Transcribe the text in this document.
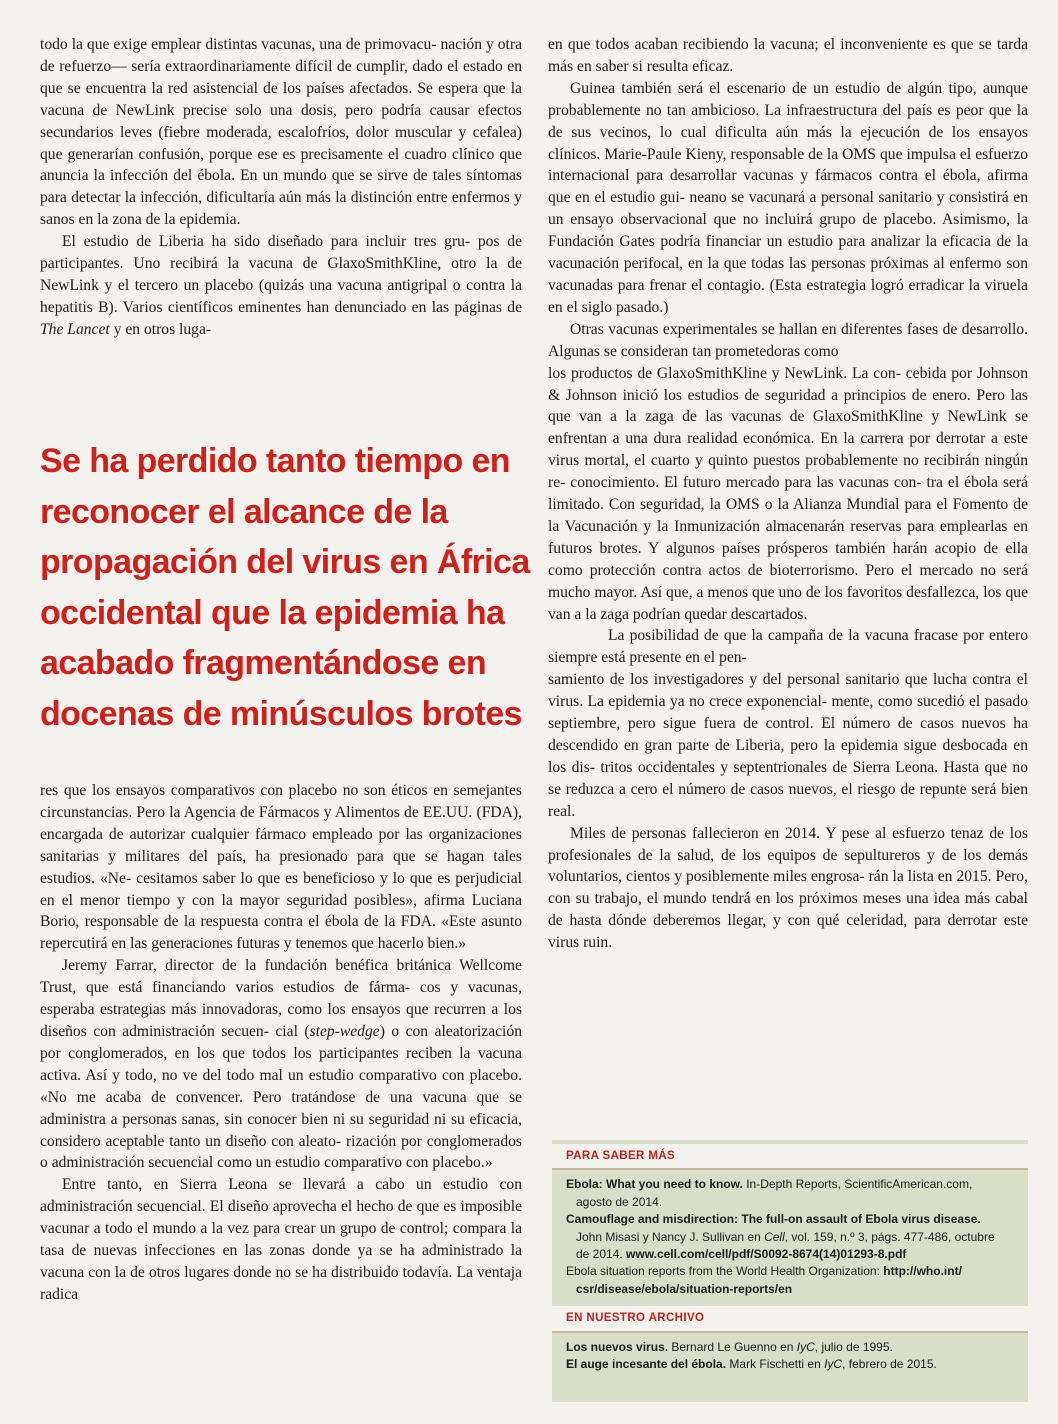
todo la que exige emplear distintas vacunas, una de primovacu- nación y otra de refuerzo— sería extraordinariamente difícil de cumplir, dado el estado en que se encuentra la red asistencial de los países afectados. Se espera que la vacuna de NewLink precise solo una dosis, pero podría causar efectos secundarios leves (fiebre moderada, escalofríos, dolor muscular y cefalea) que generarían confusión, porque ese es precisamente el cuadro clínico que anuncia la infección del ébola. En un mundo que se sirve de tales síntomas para detectar la infección, dificultaría aún más la distinción entre enfermos y sanos en la zona de la epidemia.

El estudio de Liberia ha sido diseñado para incluir tres gru- pos de participantes. Uno recibirá la vacuna de GlaxoSmithKline, otro la de NewLink y el tercero un placebo (quizás una vacuna antigripal o contra la hepatitis B). Varios científicos eminentes han denunciado en las páginas de The Lancet y en otros luga-

Se ha perdido tanto tiempo en reconocer el alcance de la propagación del virus en África occidental que la epidemia ha acabado fragmentándose en docenas de minúsculos brotes

res que los ensayos comparativos con placebo no son éticos en semejantes circunstancias. Pero la Agencia de Fármacos y Alimentos de EE.UU. (FDA), encargada de autorizar cualquier fármaco empleado por las organizaciones sanitarias y militares del país, ha presionado para que se hagan tales estudios. «Ne- cesitamos saber lo que es beneficioso y lo que es perjudicial en el menor tiempo y con la mayor seguridad posibles», afirma Luciana Borio, responsable de la respuesta contra el ébola de la FDA. «Este asunto repercutirá en las generaciones futuras y tenemos que hacerlo bien.»

Jeremy Farrar, director de la fundación benéfica británica Wellcome Trust, que está financiando varios estudios de fárma- cos y vacunas, esperaba estrategias más innovadoras, como los ensayos que recurren a los diseños con administración secuen- cial (step-wedge) o con aleatorización por conglomerados, en los que todos los participantes reciben la vacuna activa. Así y todo, no ve del todo mal un estudio comparativo con placebo. «No me acaba de convencer. Pero tratándose de una vacuna que se administra a personas sanas, sin conocer bien ni su seguridad ni su eficacia, considero aceptable tanto un diseño con aleato- rización por conglomerados o administración secuencial como un estudio comparativo con placebo.»

Entre tanto, en Sierra Leona se llevará a cabo un estudio con administración secuencial. El diseño aprovecha el hecho de que es imposible vacunar a todo el mundo a la vez para crear un grupo de control; compara la tasa de nuevas infecciones en las zonas donde ya se ha administrado la vacuna con la de otros lugares donde no se ha distribuido todavía. La ventaja radica

en que todos acaban recibiendo la vacuna; el inconveniente es que se tarda más en saber si resulta eficaz.

Guinea también será el escenario de un estudio de algún tipo, aunque probablemente no tan ambicioso. La infraestructura del país es peor que la de sus vecinos, lo cual dificulta aún más la ejecución de los ensayos clínicos. Marie-Paule Kieny, responsable de la OMS que impulsa el esfuerzo internacional para desarrollar vacunas y fármacos contra el ébola, afirma que en el estudio gui- neano se vacunará a personal sanitario y consistirá en un ensayo observacional que no incluirá grupo de placebo. Asimismo, la Fundación Gates podría financiar un estudio para analizar la eficacia de la vacunación perifocal, en la que todas las personas próximas al enfermo son vacunadas para frenar el contagio. (Esta estrategia logró erradicar la viruela en el siglo pasado.)

Otras vacunas experimentales se hallan en diferentes fases de desarrollo. Algunas se consideran tan prometedoras como

los productos de GlaxoSmithKline y NewLink. La con- cebida por Johnson & Johnson inició los estudios de seguridad a principios de enero. Pero las que van a la zaga de las vacunas de GlaxoSmithKline y NewLink se enfrentan a una dura realidad económica. En la carrera por derrotar a este virus mortal, el cuarto y quinto puestos probablemente no recibirán ningún re- conocimiento. El futuro mercado para las vacunas con- tra el ébola será limitado. Con seguridad, la OMS o la Alianza Mundial para el Fomento de la Vacunación y la Inmunización almacenarán reservas para emplearlas en futuros brotes. Y algunos países prósperos también harán acopio de ella como protección contra actos de bioterrorismo. Pero el mercado no será mucho mayor. Así que, a menos que uno de los favoritos desfallezca, los que van a la zaga podrían quedar descartados.

La posibilidad de que la campaña de la vacuna fracase por entero siempre está presente en el pen-

samiento de los investigadores y del personal sanitario que lucha contra el virus. La epidemia ya no crece exponencial- mente, como sucedió el pasado septiembre, pero sigue fuera de control. El número de casos nuevos ha descendido en gran parte de Liberia, pero la epidemia sigue desbocada en los dis- tritos occidentales y septentrionales de Sierra Leona. Hasta que no se reduzca a cero el número de casos nuevos, el riesgo de repunte será bien real.

Miles de personas fallecieron en 2014. Y pese al esfuerzo tenaz de los profesionales de la salud, de los equipos de sepultureros y de los demás voluntarios, cientos y posiblemente miles engrosa- rán la lista en 2015. Pero, con su trabajo, el mundo tendrá en los próximos meses una idea más cabal de hasta dónde deberemos llegar, y con qué celeridad, para derrotar este virus ruin.

PARA SABER MÁS
Ebola: What you need to know. In-Depth Reports, ScientificAmerican.com,
agosto de 2014.
Camouflage and misdirection: The full-on assault of Ebola virus disease.
John Misasi y Nancy J. Sullivan en Cell, vol. 159, n.º 3, págs. 477-486, octubre
de 2014. www.cell.com/cell/pdf/S0092-8674(14)01293-8.pdf
Ebola situation reports from the World Health Organization: http://who.int/
csr/disease/ebola/situation-reports/en
EN NUESTRO ARCHIVO
Los nuevos virus. Bernard Le Guenno en IyC, julio de 1995.
El auge incesante del ébola. Mark Fischetti en IyC, febrero de 2015.
